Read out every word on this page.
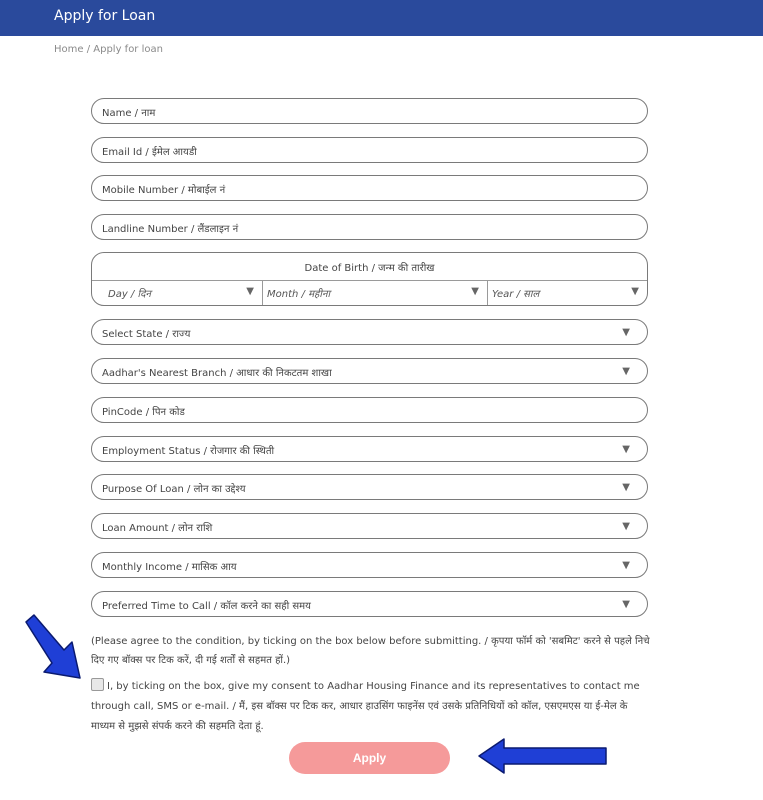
Apply for Loan
Home / Apply for loan
Name / नाम
Email Id / ईमेल आयडी
Mobile Number / मोबाईल नं
Landline Number / लैंडलाइन नं
Date of Birth / जन्म की तारीख
Day / दिन	▼ Month / महीना	▼ Year / साल	▼
Select State / राज्य	▼
Aadhar's Nearest Branch / आधार की निकटतम शाखा	▼
PinCode / पिन कोड
Employment Status / रोजगार की स्थिती	▼
Purpose Of Loan / लोन का उद्देश्य	▼
Loan Amount / लोन राशि	▼
Monthly Income / मासिक आय	▼
Preferred Time to Call / कॉल करने का सही समय	▼
(Please agree to the condition, by ticking on the box below before submitting. / कृपया फॉर्म को 'सबमिट' करने से पहले निचे दिए गए बॉक्स पर टिक करें, दी गई शर्तों से सहमत हों.)
I, by ticking on the box, give my consent to Aadhar Housing Finance and its representatives to contact me through call, SMS or e-mail. / मैं, इस बॉक्स पर टिक कर, आधार हाउसिंग फाइनेंस एवं उसके प्रतिनिधियों को कॉल, एसएमएस या ई-मेल के माध्यम से मुझसे संपर्क करने की सहमति देता हूं.
Apply
